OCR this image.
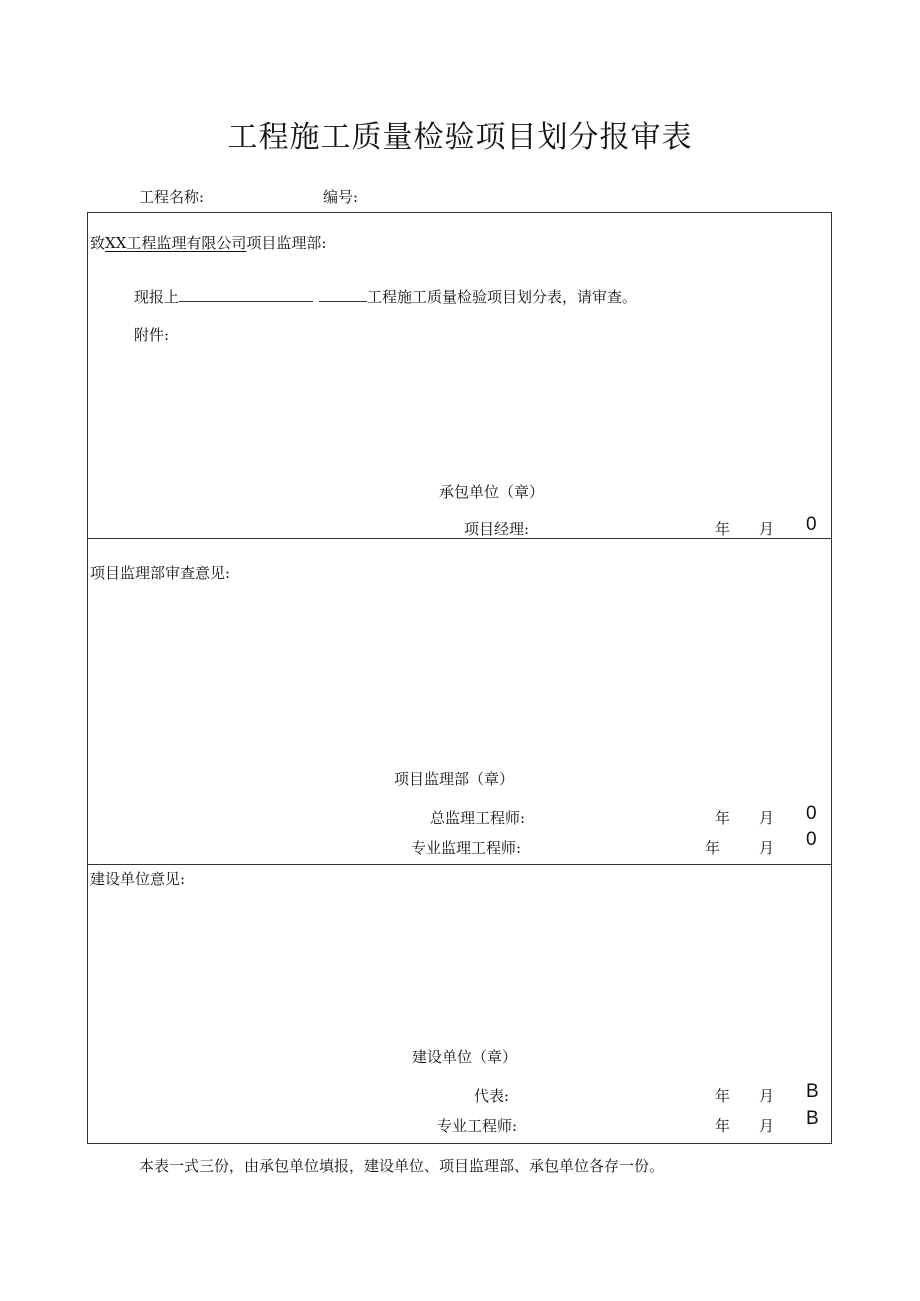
工程施工质量检验项目划分报审表
工程名称:	编号:
致XX工程监理有限公司项目监理部:
现报上	工程施工质量检验项目划分表，请审查。
附件:
承包单位（章）
项目经理:	年 月 0
项目监理部审查意见:
项目监理部（章）
总监理工程师:	年 月 0
专业监理工程师:	年	月 0
建设单位意见:
建设单位（章）
代表:	年 月 B
专业工程师:	年 月 B
本表一式三份，由承包单位填报，建设单位、项目监理部、承包单位各存一份。
